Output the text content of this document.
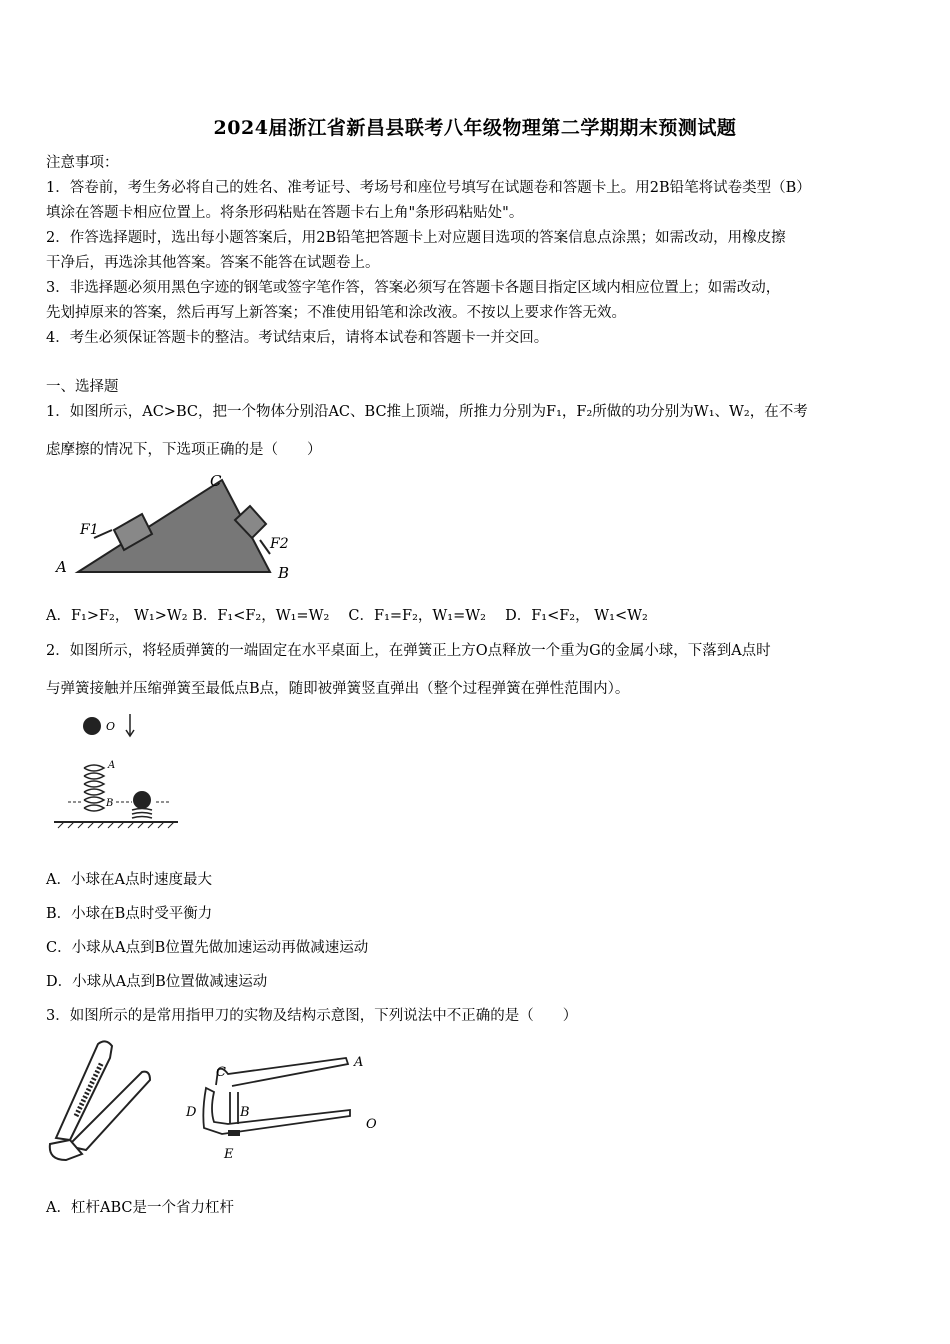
2024届浙江省新昌县联考八年级物理第二学期期末预测试题
注意事项：
1．答卷前，考生务必将自己的姓名、准考证号、考场号和座位号填写在试题卷和答题卡上。用2B铅笔将试卷类型（B）
填涂在答题卡相应位置上。将条形码粘贴在答题卡右上角"条形码粘贴处"。
2．作答选择题时，选出每小题答案后，用2B铅笔把答题卡上对应题目选项的答案信息点涂黑；如需改动，用橡皮擦
干净后，再选涂其他答案。答案不能答在试题卷上。
3．非选择题必须用黑色字迹的钢笔或签字笔作答，答案必须写在答题卡各题目指定区域内相应位置上；如需改动，
先划掉原来的答案，然后再写上新答案；不准使用铅笔和涂改液。不按以上要求作答无效。
4．考生必须保证答题卡的整洁。考试结束后，请将本试卷和答题卡一并交回。
一、选择题
1．如图所示，AC>BC，把一个物体分别沿AC、BC推上顶端，所推力分别为F₁，F₂所做的功分别为W₁、W₂，在不考
虑摩擦的情况下，下选项正确的是（　　）
A	B
C
F1
F2
A．F₁>F₂， W₁>W₂ B．F₁<F₂，W₁=W₂　 C．F₁=F₂，W₁=W₂　 D．F₁<F₂， W₁<W₂
2．如图所示，将轻质弹簧的一端固定在水平桌面上，在弹簧正上方O点释放一个重为G的金属小球，下落到A点时
与弹簧接触并压缩弹簧至最低点B点，随即被弹簧竖直弹出（整个过程弹簧在弹性范围内）。
O
A
B
A．小球在A点时速度最大
B．小球在B点时受平衡力
C．小球从A点到B位置先做加速运动再做减速运动
D．小球从A点到B位置做减速运动
3．如图所示的是常用指甲刀的实物及结构示意图，下列说法中不正确的是（　　）
C
A
D	B
O
E
A．杠杆ABC是一个省力杠杆
